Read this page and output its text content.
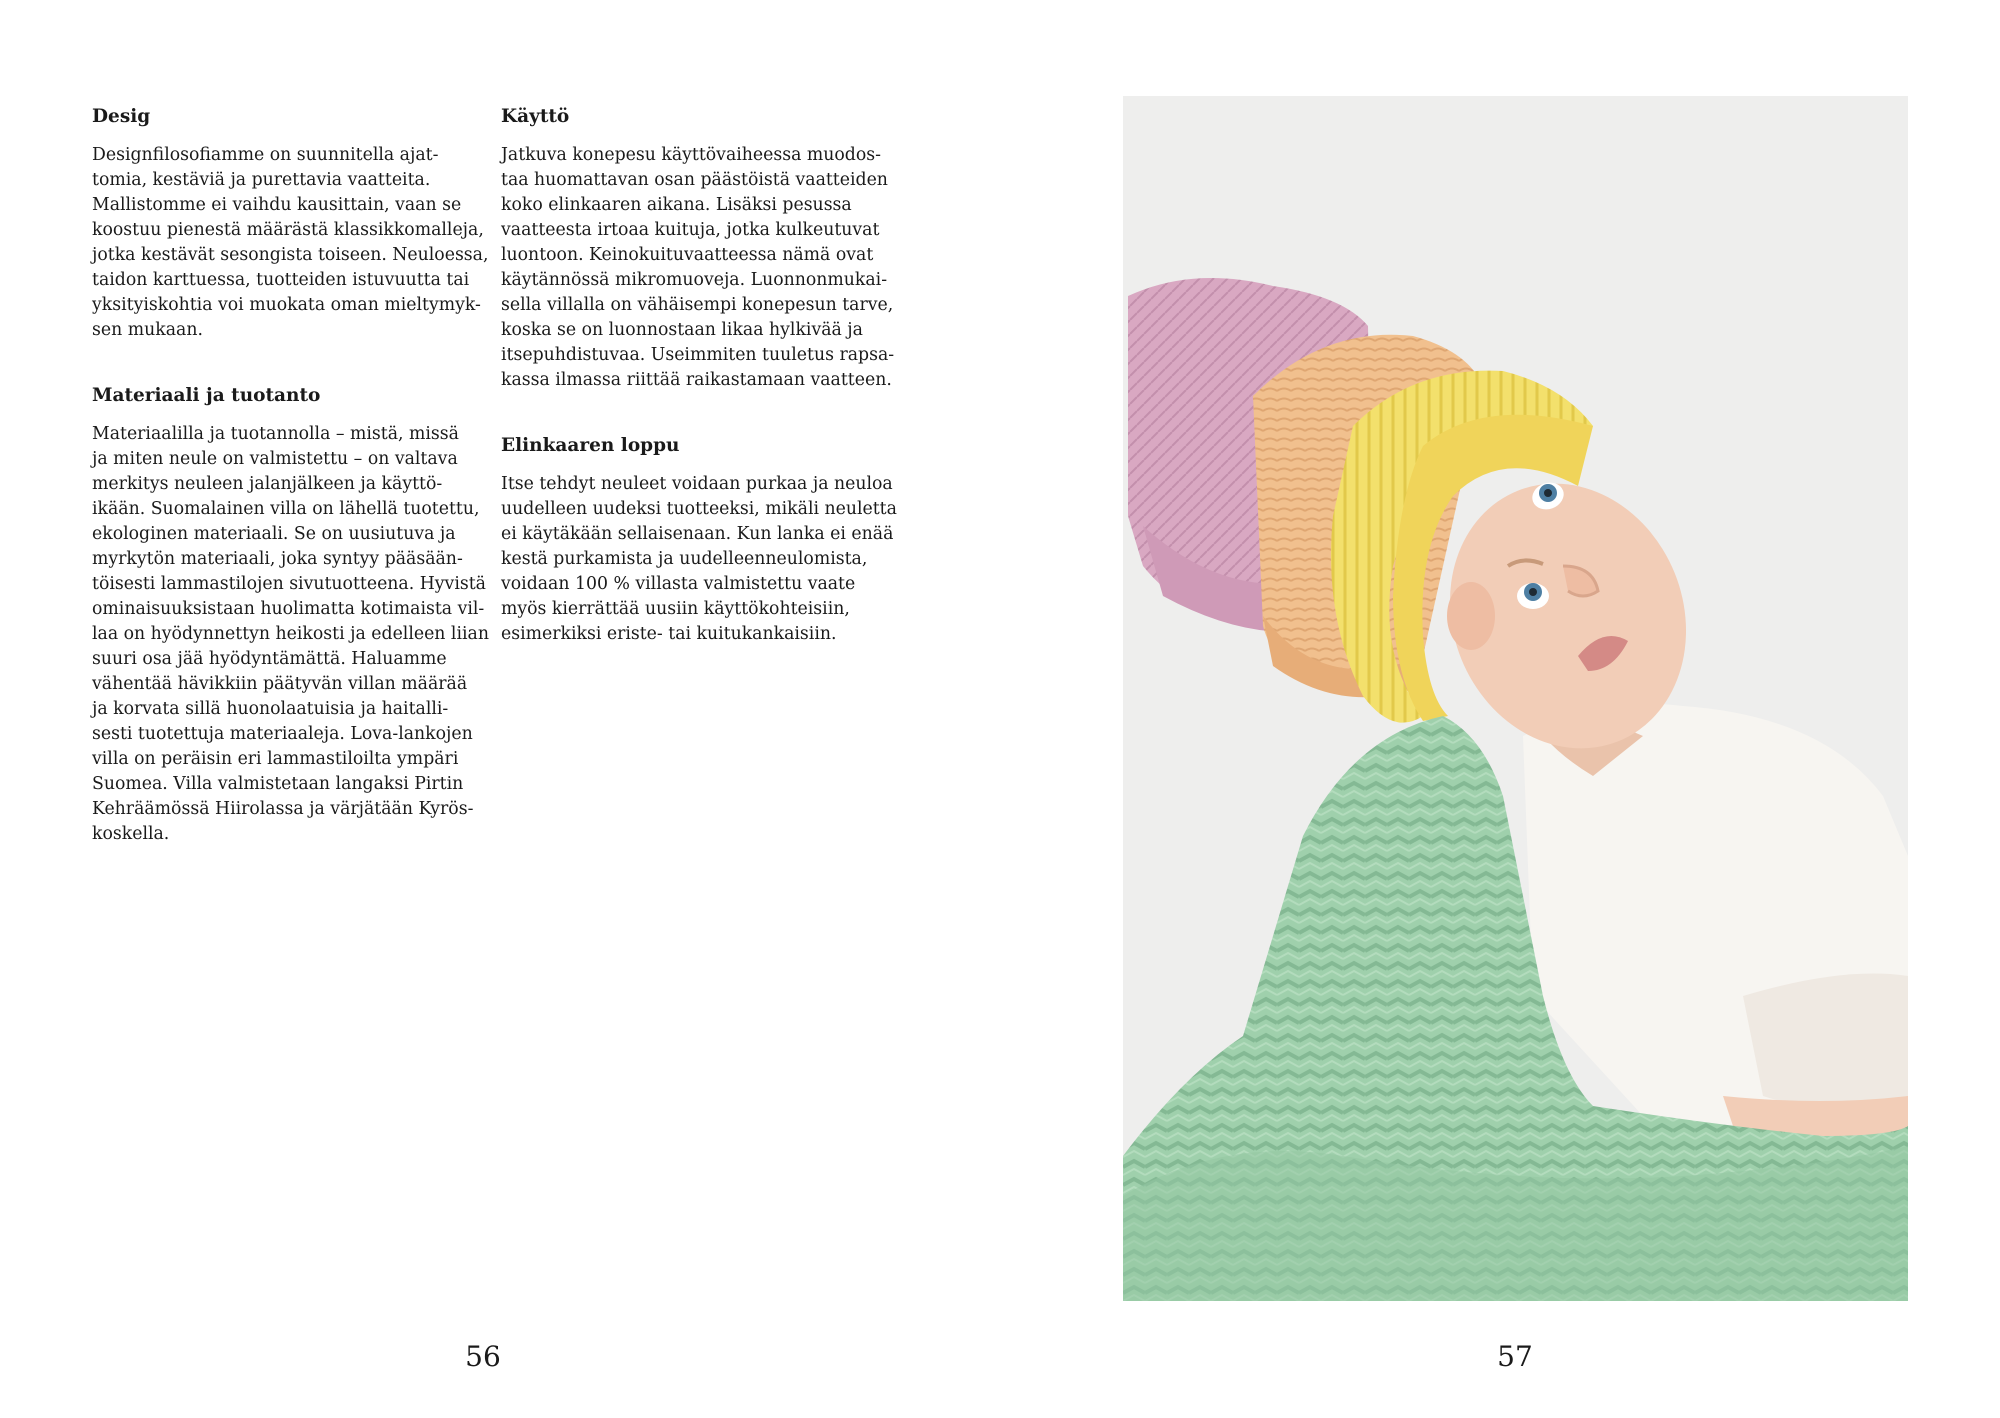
Desig

Designfilosofiamme on suunnitella ajat-
tomia, kestäviä ja purettavia vaatteita.
Mallistomme ei vaihdu kausittain, vaan se
koostuu pienestä määrästä klassikkomalleja,
jotka kestävät sesongista toiseen. Neuloessa,
taidon karttuessa, tuotteiden istuvuutta tai
yksityiskohtia voi muokata oman mieltymyk-
sen mukaan.

Materiaali ja tuotanto

Materiaalilla ja tuotannolla – mistä, missä
ja miten neule on valmistettu – on valtava
merkitys neuleen jalanjälkeen ja käyttö-
ikään. Suomalainen villa on lähellä tuotettu,
ekologinen materiaali. Se on uusiutuva ja
myrkytön materiaali, joka syntyy pääsään-
töisesti lammastilojen sivutuotteena. Hyvistä
ominaisuuksistaan huolimatta kotimaista vil-
laa on hyödynnettyn heikosti ja edelleen liian
suuri osa jää hyödyntämättä. Haluamme
vähentää hävikkiin päätyvän villan määrää
ja korvata sillä huonolaatuisia ja haitalli-
sesti tuotettuja materiaaleja. Lova-lankojen
villa on peräisin eri lammastiloilta ympäri
Suomea. Villa valmistetaan langaksi Pirtin
Kehräämössä Hiirolassa ja värjätään Kyrös-
koskella.

Käyttö

Jatkuva konepesu käyttövaiheessa muodos-
taa huomattavan osan päästöistä vaatteiden
koko elinkaaren aikana. Lisäksi pesussa
vaatteesta irtoaa kuituja, jotka kulkeutuvat
luontoon. Keinokuituvaatteessa nämä ovat
käytännössä mikromuoveja. Luonnonmukai-
sella villalla on vähäisempi konepesun tarve,
koska se on luonnostaan likaa hylkivää ja
itsepuhdistuvaa. Useimmiten tuuletus rapsa-
kassa ilmassa riittää raikastamaan vaatteen.

Elinkaaren loppu

Itse tehdyt neuleet voidaan purkaa ja neuloa
uudelleen uudeksi tuotteeksi, mikäli neuletta
ei käytäkään sellaisenaan. Kun lanka ei enää
kestä purkamista ja uudelleenneulomista,
voidaan 100 % villasta valmistettu vaate
myös kierrättää uusiin käyttökohteisiin,
esimerkiksi eriste- tai kuitukankaisiin.

56	57
